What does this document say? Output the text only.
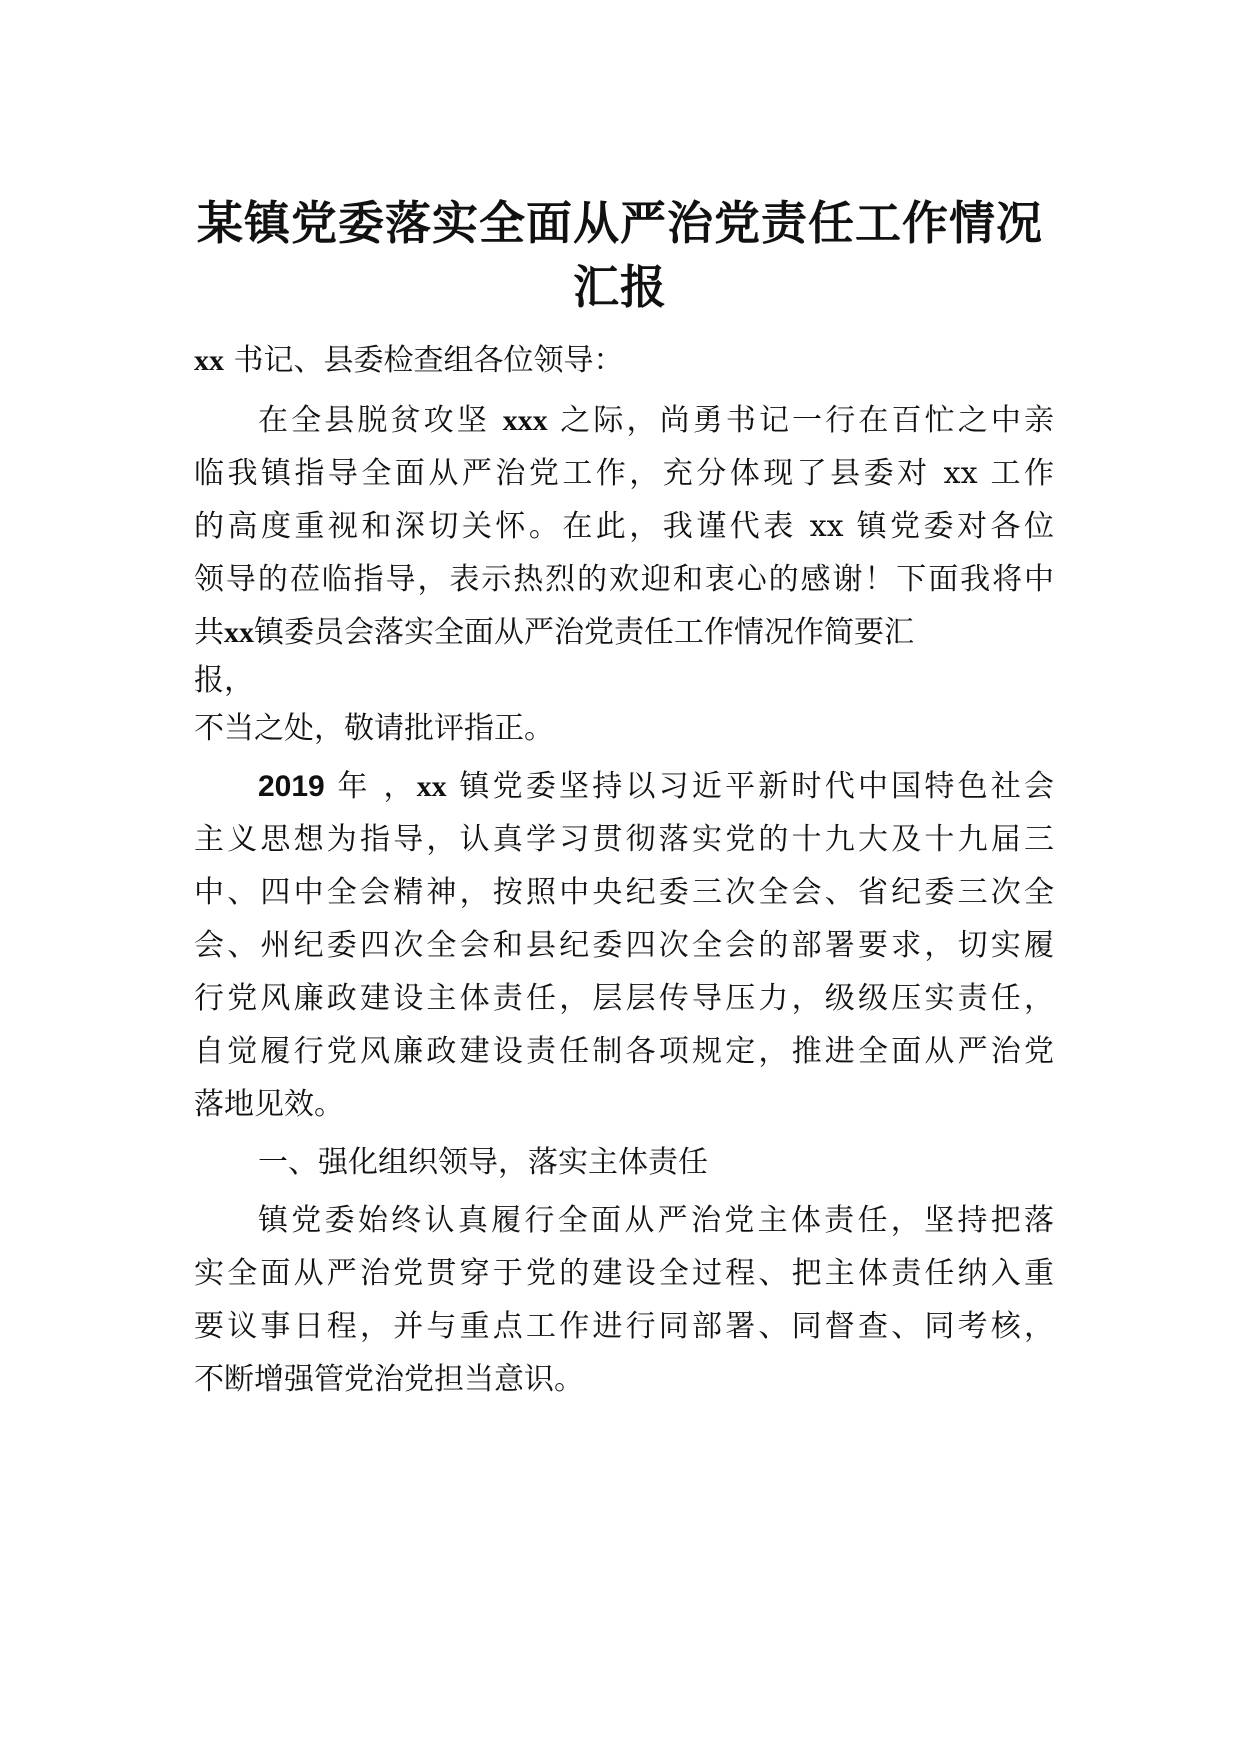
某镇党委落实全面从严治党责任工作情况
汇报

xx 书记、县委检查组各位领导：

在全县脱贫攻坚 xxx 之际，尚勇书记一行在百忙之中亲

临我镇指导全面从严治党工作，充分体现了县委对 xx 工作

的高度重视和深切关怀。在此，我谨代表 xx 镇党委对各位

领导的莅临指导，表示热烈的欢迎和衷心的感谢！下面我将中

共xx镇委员会落实全面从严治党责任工作情况作简要汇

报，

不当之处，敬请批评指正。

2019 年 ，xx 镇党委坚持以习近平新时代中国特色社会

主义思想为指导，认真学习贯彻落实党的十九大及十九届三

中、四中全会精神，按照中央纪委三次全会、省纪委三次全

会、州纪委四次全会和县纪委四次全会的部署要求，切实履

行党风廉政建设主体责任，层层传导压力，级级压实责任，

自觉履行党风廉政建设责任制各项规定，推进全面从严治党

落地见效。

一、强化组织领导，落实主体责任

镇党委始终认真履行全面从严治党主体责任，坚持把落

实全面从严治党贯穿于党的建设全过程、把主体责任纳入重

要议事日程，并与重点工作进行同部署、同督查、同考核，

不断增强管党治党担当意识。
